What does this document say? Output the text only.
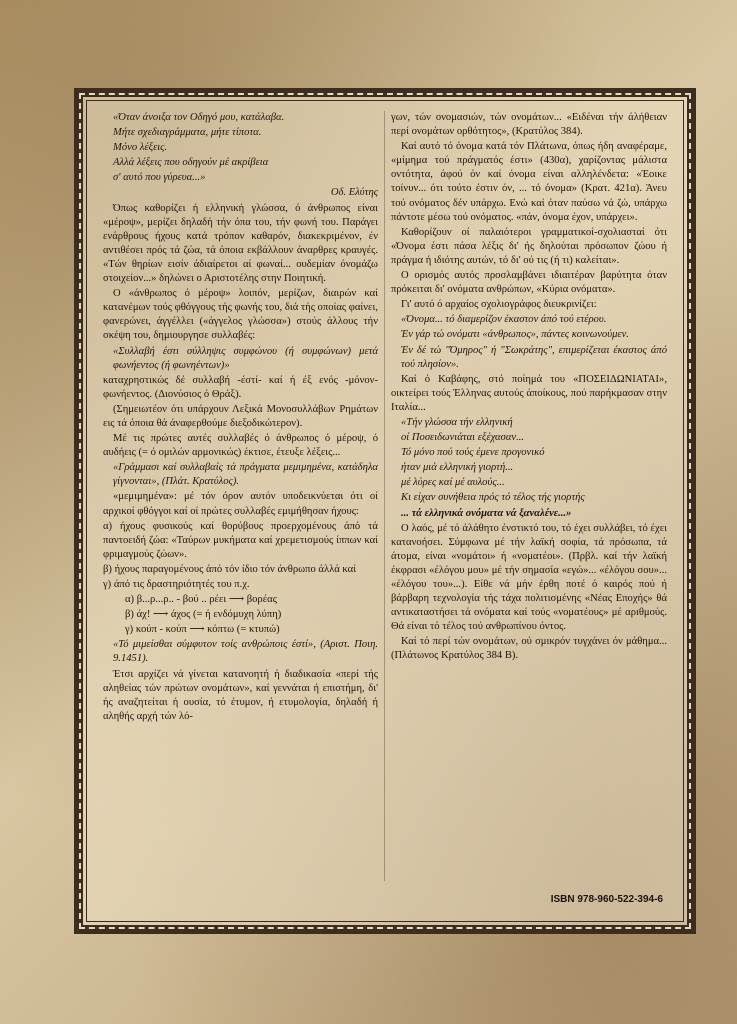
«Όταν άνοιξα τον Οδηγό μου, κατάλαβα.

Μήτε σχεδιαγράμματα, μήτε τίποτα.

Μόνο λέξεις.

Αλλά λέξεις που οδηγούν μέ ακρίβεια

σ' αυτό που γύρευα...»

Οδ. Ελύτης

Όπως καθορίζει ή ελληνική γλώσσα, ό άνθρωπος είναι «μέροψ», μερίζει δηλαδή τήν όπα του, τήν φωνή του. Παράγει ενάρθρους ήχους κατά τρόπον καθαρόν, διακεκριμένον, έν αντιθέσει πρός τά ζώα, τά όποια εκβάλλουν άναρθρες κραυγές. «Τών θηρίων εισίν άδιαίρετοι αί φωναί... ουδεμίαν όνομάζω στοιχείον...» δηλώνει ο Αριστοτέλης στην Ποιητική.

Ο «άνθρωπος ό μέροψ» λοιπόν, μερίζων, διαιρών καί κατανέμων τούς φθόγγους τής φωνής του, διά τής οποίας φαίνει, φανερώνει, άγγέλλει («άγγελος γλώσσα») στούς άλλους τήν σκέψη του, δημιουργησε συλλαβές:

«Συλλαβή έστι σύλληψις συμφώνου (ή συμφώνων) μετά φωνήεντος (ή φωνηέντων)»

καταχρηστικώς δέ συλλαβή -έστί- καί ή έξ ενός -μόνον- φωνήεντος. (Διονύσιος ό Θράξ).

(Σημειωτέον ότι υπάρχουν Λεξικά Μονοσυλλάβων Ρημάτων εις τά όποια θά άναφερθούμε διεξοδικώτερον).

Μέ τις πρώτες αυτές συλλαβές ό άνθρωπος ό μέροψ, ό αυδήεις (= ό ομιλών αρμονικώς) έκτισε, έτευξε λέξεις...

«Γράμμασι καί συλλαβαίς τά πράγματα μεμιμημένα, κατάδηλα γίγνονται», (Πλάτ. Κρατύλος).

«μεμιμημένα»: μέ τόν όρον αυτόν υποδεικνύεται ότι οί αρχικοί φθόγγοι καί οί πρώτες συλλαβές εμιμήθησαν ήχους:

α) ήχους φυσικούς καί θορύβους προερχομένους άπό τά παντοειδή ζώα: «Ταύρων μυκήματα καί χρεμετισμούς ίππων καί φριμαγμούς ζώων».

β) ήχους παραγομένους άπό τόν ίδιο τόν άνθρωπο άλλά καί

γ) άπό τις δραστηριότητές του π.χ.

α) β...ρ...ρ.. - βού .. ρέει ⟶ βορέας

β) άχ! ⟶ άχος (= ή ενδόμυχη λύπη)

γ) κούπ - κούπ ⟶ κόπτω (= κτυπώ)

«Τό μιμείσθαι σύμφυτον τοίς ανθρώποις έστί», (Αριστ. Ποιη. 9.1451).

Έτσι αρχίζει νά γίνεται κατανοητή ή διαδικασία «περί τής αληθείας τών πρώτων ονομάτων», καί γεννάται ή επιστήμη, δι' ής αναζητείται ή ουσία, τό έτυμον, ή ετυμολογία, δηλαδή ή αληθής αρχή τών λό-

γων, τών ονομασιών, τών ονομάτων... «Ειδέναι τήν άλήθειαν περί ονομάτων ορθότητος», (Κρατύλος 384).

Καί αυτό τό όνομα κατά τόν Πλάτωνα, όπως ήδη αναφέραμε, «μίμημα τού πράγματός έστι» (430α), χαρίζοντας μάλιστα οντότητα, άφού όν καί όνομα είναι αλληλένδετα: «Έοικε τοίνυν... ότι τούτο έστιν όν, ... τό όνομα» (Κρατ. 421α). Άνευ τού ονόματος δέν υπάρχω. Ενώ καί όταν παύσω νά ζώ, υπάρχω πάντοτε μέσω τού ονόματος. «πάν, όνομα έχον, υπάρχει».

Καθορίζουν οί παλαιότεροι γραμματικοί-σχολιασταί ότι «Όνομα έστι πάσα λέξις δι' ής δηλούται πρόσωπον ζώου ή πράγμα ή ιδιότης αυτών, τό δι' ού τις (ή τι) καλείται».

Ο ορισμός αυτός προσλαμβάνει ιδιαιτέραν βαρύτητα όταν πρόκειται δι' ονόματα ανθρώπων, «Κύρια ονόματα».

Γι' αυτό ό αρχαίος σχολιογράφος διευκρινίζει:

«Όνομα... τό διαμερίζον έκαστον άπό τού ετέρου.

Έν γάρ τώ ονόματι «άνθρωπος», πάντες κοινωνούμεν.

Έν δέ τώ "Όμηρος" ή "Σωκράτης", επιμερίζεται έκαστος άπό τού πλησίον».

Καί ό Καβάφης, στό ποίημά του «ΠΟΣΕΙΔΩΝΙΑΤΑΙ», οικτείρει τούς Έλληνας αυτούς άποίκους, πού παρήκμασαν στην Ιταλία...

«Τήν γλώσσα τήν ελληνική

οί Ποσειδωνιάται εξέχασαν...

Τό μόνο πού τούς έμενε προγονικό

ήταν μιά ελληνική γιορτή...

μέ λύρες καί μέ αυλούς...

Κι είχαν συνήθεια πρός τό τέλος τής γιορτής

... τά ελληνικά ονόματα νά ξαναλένε...»

Ο λαός, μέ τό άλάθητο ένστικτό του, τό έχει συλλάβει, τό έχει κατανοήσει. Σύμφωνα μέ τήν λαϊκή σοφία, τά πρόσωπα, τά άτομα, είναι «νομάτοι» ή «νοματέοι». (Πρβλ. καί τήν λαϊκή έκφρασι «έλόγου μου» μέ τήν σημασία «εγώ»... «έλόγου σου»... «έλόγου του»...). Είθε νά μήν έρθη ποτέ ό καιρός πού ή βάρβαρη τεχνολογία τής τάχα πολιτισμένης «Νέας Εποχής» θά αντικαταστήσει τά ονόματα καί τούς «νοματέους» μέ αριθμούς. Θά είναι τό τέλος τού ανθρωπίνου όντος.

Καί τό περί τών ονομάτων, ού σμικρόν τυγχάνει όν μάθημα... (Πλάτωνος Κρατύλος 384 Β).

ISBN 978-960-522-394-6
